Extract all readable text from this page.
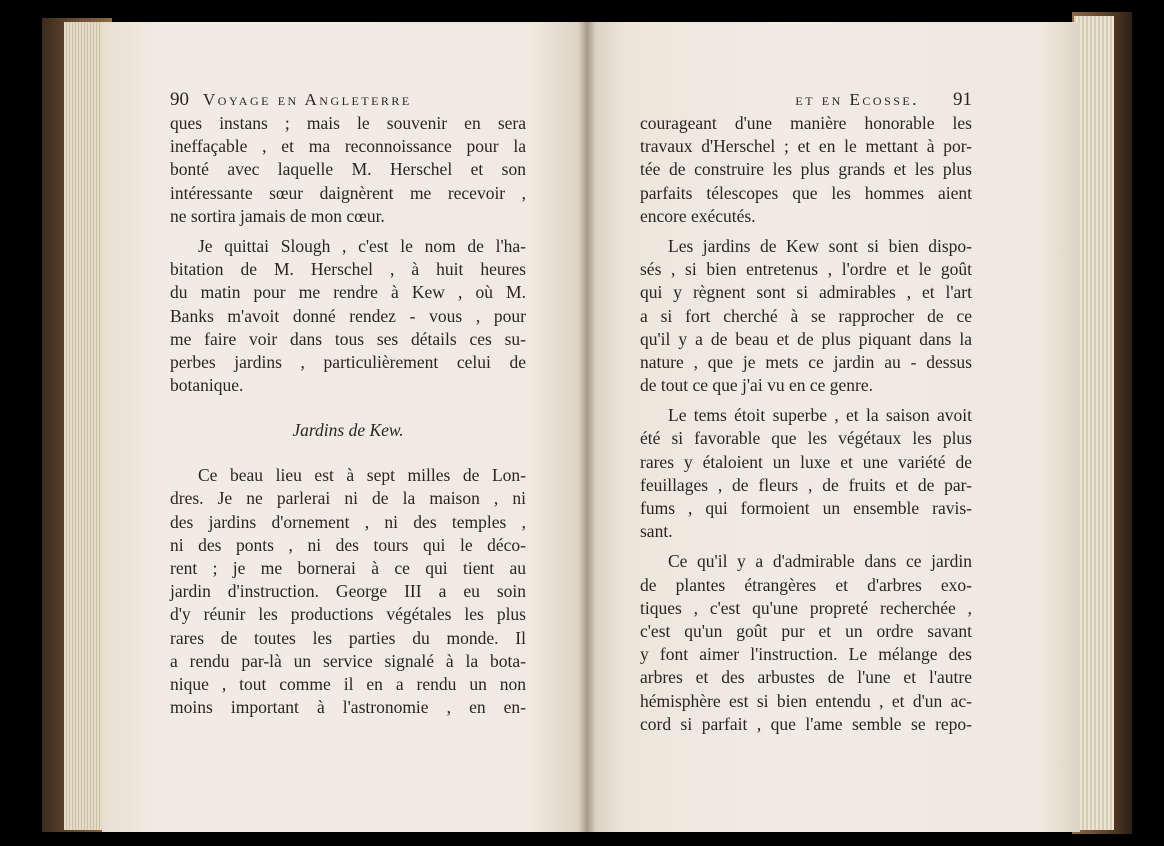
90 Voyage en Angleterre
ques instans ; mais le souvenir en sera
ineffaçable , et ma reconnoissance pour la
bonté avec laquelle M. Herschel et son
intéressante sœur daignèrent me recevoir ,
ne sortira jamais de mon cœur.
Je quittai Slough , c'est le nom de l'ha-
bitation de M. Herschel , à huit heures
du matin pour me rendre à Kew , où M.
Banks m'avoit donné rendez - vous , pour
me faire voir dans tous ses détails ces su-
perbes jardins , particulièrement celui de
botanique.
Jardins de Kew.
Ce beau lieu est à sept milles de Lon-
dres. Je ne parlerai ni de la maison , ni
des jardins d'ornement , ni des temples ,
ni des ponts , ni des tours qui le déco-
rent ; je me bornerai à ce qui tient au
jardin d'instruction. George III a eu soin
d'y réunir les productions végétales les plus
rares de toutes les parties du monde. Il
a rendu par-là un service signalé à la bota-
nique , tout comme il en a rendu un non
moins important à l'astronomie , en en-
et en Ecosse.	91
courageant d'une manière honorable les
travaux d'Herschel ; et en le mettant à por-
tée de construire les plus grands et les plus
parfaits télescopes que les hommes aient
encore exécutés.
Les jardins de Kew sont si bien dispo-
sés , si bien entretenus , l'ordre et le goût
qui y règnent sont si admirables , et l'art
a si fort cherché à se rapprocher de ce
qu'il y a de beau et de plus piquant dans la
nature , que je mets ce jardin au - dessus
de tout ce que j'ai vu en ce genre.
Le tems étoit superbe , et la saison avoit
été si favorable que les végétaux les plus
rares y étaloient un luxe et une variété de
feuillages , de fleurs , de fruits et de par-
fums , qui formoient un ensemble ravis-
sant.
Ce qu'il y a d'admirable dans ce jardin
de plantes étrangères et d'arbres exo-
tiques , c'est qu'une propreté recherchée ,
c'est qu'un goût pur et un ordre savant
y font aimer l'instruction. Le mélange des
arbres et des arbustes de l'une et l'autre
hémisphère est si bien entendu , et d'un ac-
cord si parfait , que l'ame semble se repo-
